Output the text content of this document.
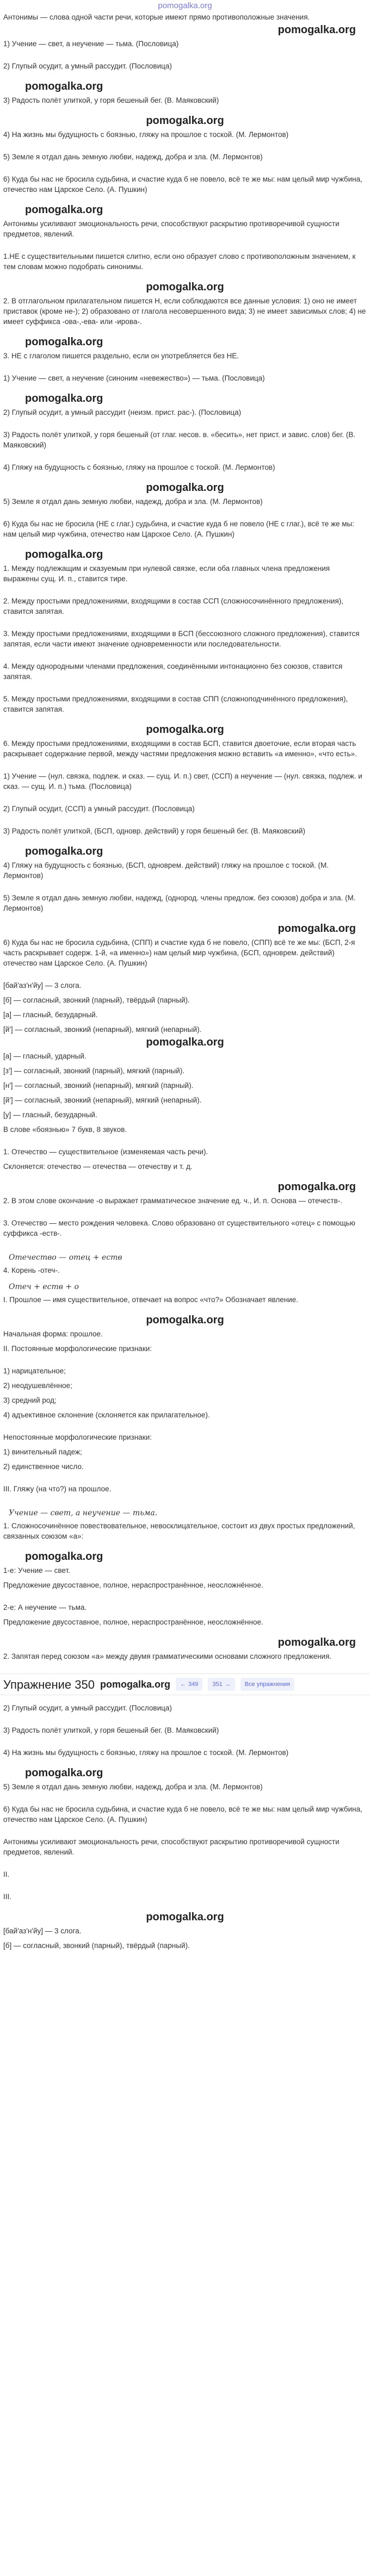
pomogalka.org
Антонимы — слова одной части речи, которые имеют прямо противоположные значения.
pomogalka.org
1) Учение — свет, а неучение — тьма. (Пословица)
2) Глупый осудит, а умный рассудит. (Пословица)
pomogalka.org
3) Радость полёт улиткой, у горя бешеный бег. (В. Маяковский)
pomogalka.org
4) На жизнь мы будущность с боязнью, гляжу на прошлое с тоской. (М. Лермонтов)
5) Земле я отдал дань земную любви, надежд, добра и зла. (М. Лермонтов)
6) Куда бы нас не бросила судьбина, и счастие куда б не повело, всё те же мы: нам целый мир чужбина, отечество нам Царское Село. (А. Пушкин)
pomogalka.org
Антонимы усиливают эмоциональность речи, способствуют раскрытию противоречивой сущности предметов, явлений.
1.НЕ с существительными пишется слитно, если оно образует слово с противоположным значением, к тем словам можно подобрать синонимы.
pomogalka.org
2. В отглагольном прилагательном пишется Н, если соблюдаются все данные условия: 1) оно не имеет приставок (кроме не-); 2) образовано от глагола несовершенного вида; 3) не имеет зависимых слов; 4) не имеет суффикса -ова-,-ева- или -ирова-.
pomogalka.org
3. НЕ с глаголом пишется раздельно, если он употребляется без НЕ.
1) Учение — свет, а неучение (синоним «невежество») — тьма. (Пословица)
pomogalka.org
2) Глупый осудит, а умный рассудит (неизм. прист. рас-). (Пословица)
3) Радость полёт улиткой, у горя бешеный (от глаг. несов. в. «бесить», нет прист. и завис. слов) бег. (В. Маяковский)
4) Гляжу на будущность с боязнью, гляжу на прошлое с тоской. (М. Лермонтов)
pomogalka.org
5) Земле я отдал дань земную любви, надежд, добра и зла. (М. Лермонтов)
6) Куда бы нас не бросила (НЕ с глаг.) судьбина, и счастие куда б не повело (НЕ с глаг.), всё те же мы: нам целый мир чужбина, отечество нам Царское Село. (А. Пушкин)
pomogalka.org
1. Между подлежащим и сказуемым при нулевой связке, если оба главных члена предложения выражены сущ. И. п., ставится тире.
2. Между простыми предложениями, входящими в состав ССП (сложносочинённого предложения), ставится запятая.
3. Между простыми предложениями, входящими в БСП (бессоюзного сложного предложения), ставится запятая, если части имеют значение одновременности или последовательности.
4. Между однородными членами предложения, соединёнными интонационно без союзов, ставится запятая.
5. Между простыми предложениями, входящими в состав СПП (сложноподчинённого предложения), ставится запятая.
pomogalka.org
6. Между простыми предложениями, входящими в состав БСП, ставится двоеточие, если вторая часть раскрывает содержание первой, между частями предложения можно вставить «а именно», «что есть».
1) Учение — (нул. связка, подлеж. и сказ. — сущ. И. п.) свет, (ССП) а неучение — (нул. связка, подлеж. и сказ. — сущ. И. п.) тьма. (Пословица)
2) Глупый осудит, (ССП) а умный рассудит. (Пословица)
3) Радость полёт улиткой, (БСП, одновр. действий) у горя бешеный бег. (В. Маяковский)
pomogalka.org
4) Гляжу на будущность с боязнью, (БСП, одноврем. действий) гляжу на прошлое с тоской. (М. Лермонтов)
5) Земле я отдал дань земную любви, надежд, (однород. члены предлож. без союзов) добра и зла. (М. Лермонтов)
pomogalka.org
6) Куда бы нас не бросила судьбина, (СПП) и счастие куда б не повело, (СПП) всё те же мы: (БСП, 2-я часть раскрывает содерж. 1-й, «а именно») нам целый мир чужбина, (БСП, одноврем. действий) отечество нам Царское Село. (А. Пушкин)
[бай'аз'н'йу] — 3 слога.
[б] — согласный, звонкий (парный), твёрдый (парный).
[а] — гласный, безударный.
[й'] — согласный, звонкий (непарный), мягкий (непарный).
pomogalka.org
[а] — гласный, ударный.
[з'] — согласный, звонкий (парный), мягкий (парный).
[н'] — согласный, звонкий (непарный), мягкий (парный).
[й'] — согласный, звонкий (непарный), мягкий (непарный).
[у] — гласный, безударный.
В слове «боязнью» 7 букв, 8 звуков.
1. Отечество — существительное (изменяемая часть речи).
Склоняется: отечество — отечества — отечеству и т. д.
pomogalka.org
2. В этом слове окончание -о выражает грамматическое значение ед. ч., И. п. Основа — отечеств-.
3. Отечество — место рождения человека. Слово образовано от существительного «отец» с помощью суффикса -еств-.
Отечество — отец + еств
4. Корень -отеч-.
Отеч + еств + о
I. Прошлое — имя существительное, отвечает на вопрос «что?» Обозначает явление.
pomogalka.org
Начальная форма: прошлое.
II. Постоянные морфологические признаки:
1) нарицательное;
2) неодушевлённое;
3) средний род;
4) адъективное склонение (склоняется как прилагательное).
Непостоянные морфологические признаки:
1) винительный падеж;
2) единственное число.
III. Гляжу (на что?) на прошлое.
Учение — свет, а неучение — тьма.
1. Сложносочинённое повествовательное, невосклицательное, состоит из двух простых предложений, связанных союзом «а»:
pomogalka.org
1-е: Учение — свет.
Предложение двусоставное, полное, нераспространённое, неосложнённое.
2-е: А неучение — тьма.
Предложение двусоставное, полное, нераспространённое, неосложнённое.
pomogalka.org
2. Запятая перед союзом «а» между двумя грамматическими основами сложного предложения.
Упражнение 350 pomogalka.org ← 349 351 →	Все упражнения
2) Глупый осудит, а умный рассудит. (Пословица)
3) Радость полёт улиткой, у горя бешеный бег. (В. Маяковский)
4) На жизнь мы будущность с боязнью, гляжу на прошлое с тоской. (М. Лермонтов)
pomogalka.org
5) Земле я отдал дань земную любви, надежд, добра и зла. (М. Лермонтов)
6) Куда бы нас не бросила судьбина, и счастие куда б не повело, всё те же мы: нам целый мир чужбина, отечество нам Царское Село. (А. Пушкин)
Антонимы усиливают эмоциональность речи, способствуют раскрытию противоречивой сущности предметов, явлений.
II.
III.
pomogalka.org
[бай'аз'н'йу] — 3 слога.
[б] — согласный, звонкий (парный), твёрдый (парный).
